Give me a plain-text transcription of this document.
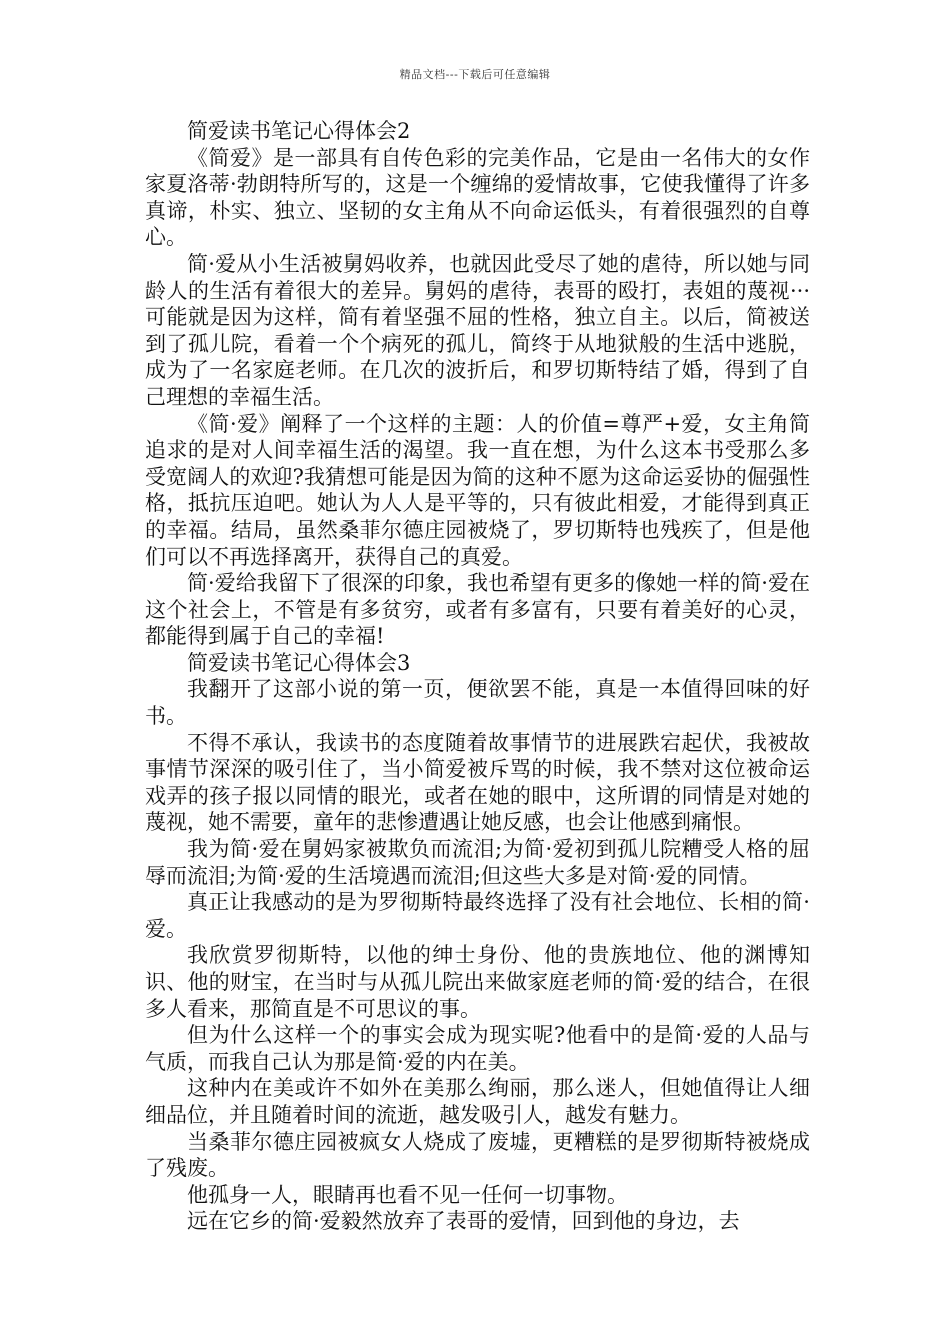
精品文档---下载后可任意编辑

简爱读书笔记心得体会2

《简爱》是一部具有自传色彩的完美作品，它是由一名伟大的女作家夏洛蒂·勃朗特所写的，这是一个缠绵的爱情故事，它使我懂得了许多真谛，朴实、独立、坚韧的女主角从不向命运低头，有着很强烈的自尊心。

简·爱从小生活被舅妈收养，也就因此受尽了她的虐待，所以她与同龄人的生活有着很大的差异。舅妈的虐待，表哥的殴打，表姐的蔑视···可能就是因为这样，简有着坚强不屈的性格，独立自主。以后，简被送到了孤儿院，看着一个个病死的孤儿，简终于从地狱般的生活中逃脱，成为了一名家庭老师。在几次的波折后，和罗切斯特结了婚，得到了自己理想的幸福生活。

《简·爱》阐释了一个这样的主题：人的价值=尊严+爱，女主角简追求的是对人间幸福生活的渴望。我一直在想，为什么这本书受那么多受宽阔人的欢迎?我猜想可能是因为简的这种不愿为这命运妥协的倔强性格，抵抗压迫吧。她认为人人是平等的，只有彼此相爱，才能得到真正的幸福。结局，虽然桑菲尔德庄园被烧了，罗切斯特也残疾了，但是他们可以不再选择离开，获得自己的真爱。

简·爱给我留下了很深的印象，我也希望有更多的像她一样的简·爱在这个社会上，不管是有多贫穷，或者有多富有，只要有着美好的心灵，都能得到属于自己的幸福!

简爱读书笔记心得体会3

我翻开了这部小说的第一页，便欲罢不能，真是一本值得回味的好书。

不得不承认，我读书的态度随着故事情节的进展跌宕起伏，我被故事情节深深的吸引住了，当小简爱被斥骂的时候，我不禁对这位被命运戏弄的孩子报以同情的眼光，或者在她的眼中，这所谓的同情是对她的蔑视，她不需要，童年的悲惨遭遇让她反感，也会让他感到痛恨。

我为简·爱在舅妈家被欺负而流泪;为简·爱初到孤儿院糟受人格的屈辱而流泪;为简·爱的生活境遇而流泪;但这些大多是对简·爱的同情。

真正让我感动的是为罗彻斯特最终选择了没有社会地位、长相的简·爱。

我欣赏罗彻斯特，以他的绅士身份、他的贵族地位、他的渊博知识、他的财宝，在当时与从孤儿院出来做家庭老师的简·爱的结合，在很多人看来，那简直是不可思议的事。

但为什么这样一个的事实会成为现实呢?他看中的是简·爱的人品与气质，而我自己认为那是简·爱的内在美。

这种内在美或许不如外在美那么绚丽，那么迷人，但她值得让人细细品位，并且随着时间的流逝，越发吸引人，越发有魅力。

当桑菲尔德庄园被疯女人烧成了废墟，更糟糕的是罗彻斯特被烧成了残废。

他孤身一人，眼睛再也看不见一任何一切事物。

远在它乡的简·爱毅然放弃了表哥的爱情，回到他的身边，去
